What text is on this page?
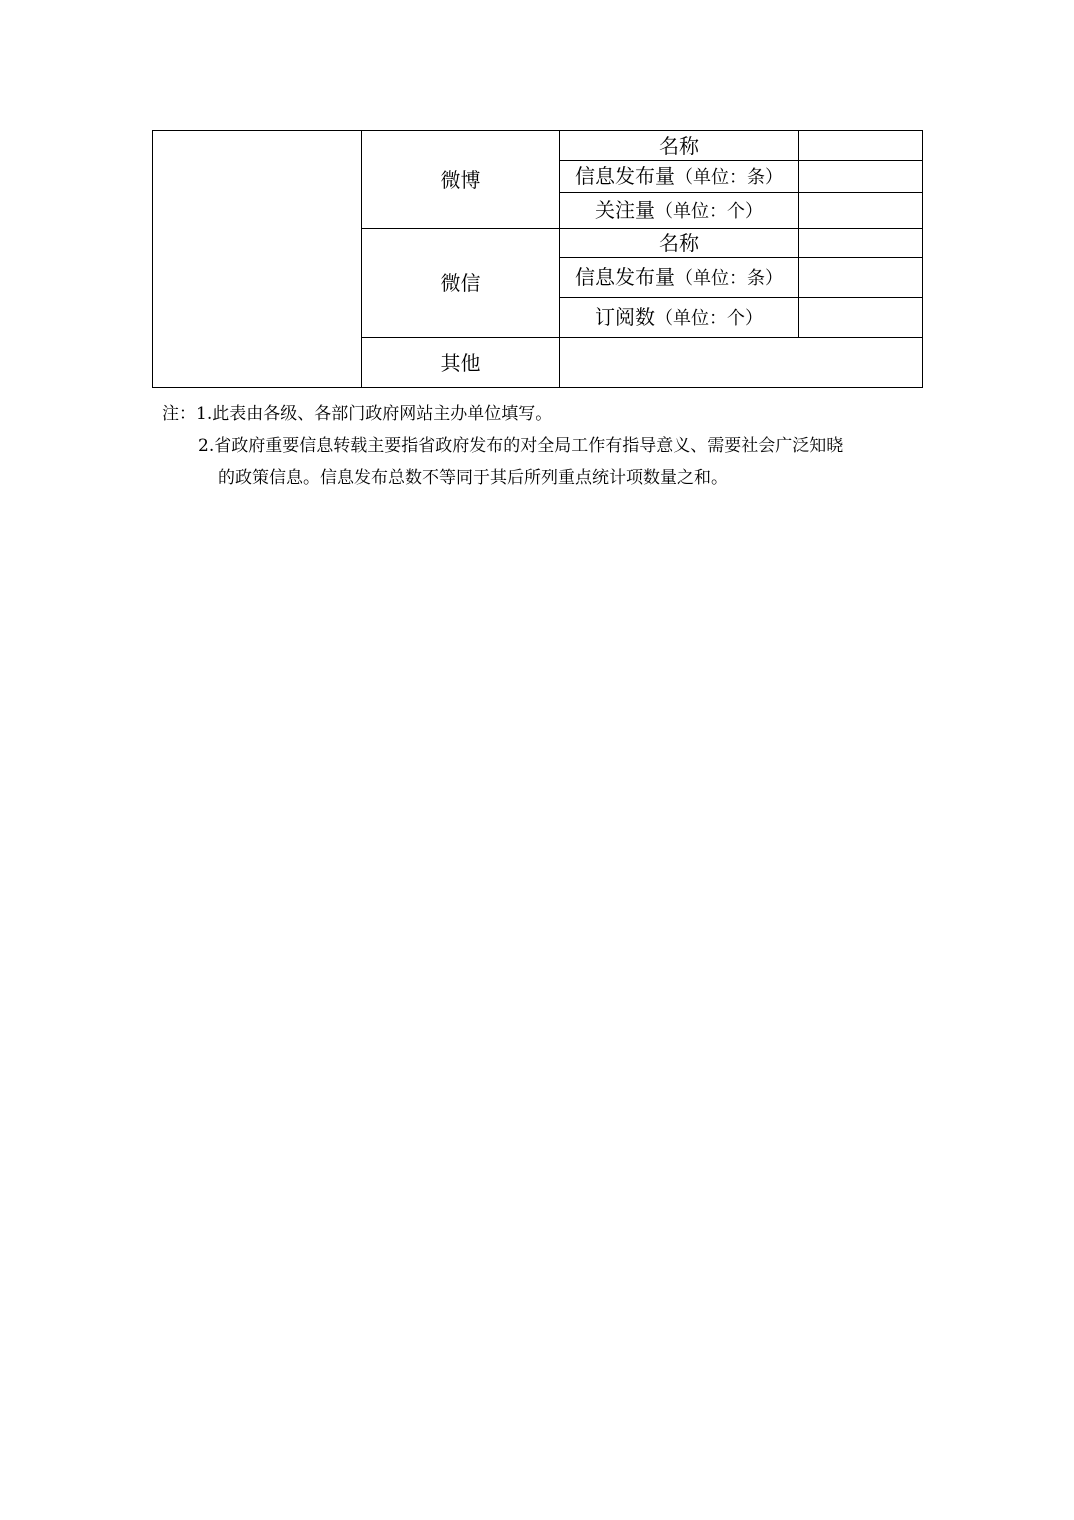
	微博	名称	
		信息发布量（单位：条）	
		关注量（单位：个）	
	微信	名称	
		信息发布量（单位：条）	
		订阅数（单位：个）	
	其他		
注：1.此表由各级、各部门政府网站主办单位填写。
2.省政府重要信息转载主要指省政府发布的对全局工作有指导意义、需要社会广泛知晓
的政策信息。信息发布总数不等同于其后所列重点统计项数量之和。
